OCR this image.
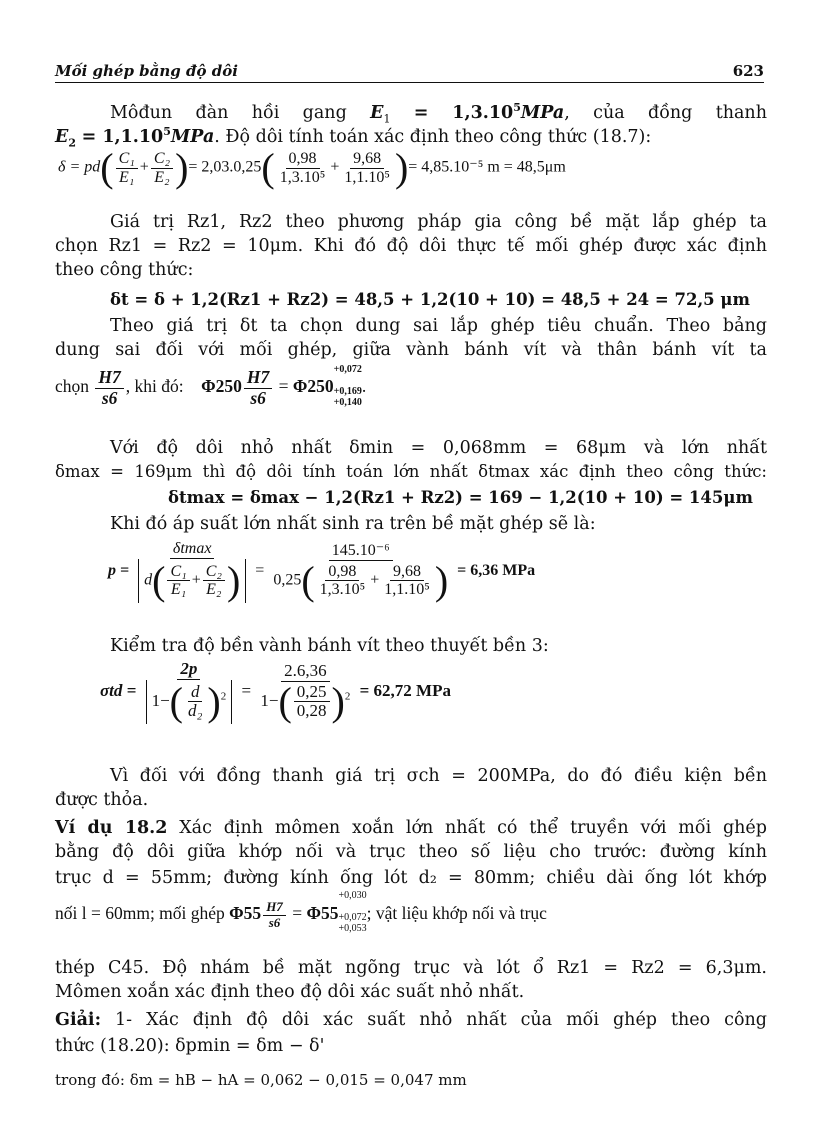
Mối ghép bằng độ dôi	623
Môđun đàn hồi gang $E_1 = 1,3.10^5MPa$, của đồng thanh
$E_2 = 1,1.10^5MPa$. Độ dôi tính toán xác định theo công thức (18.7):
$\delta = pd( \frac{\text{C₁}}{\text{E₁}} + \frac{\text{C₂}}{\text{E₂}}$ )= $2,03.0,25( \frac{0,98}{\text{1,3.10⁵}} + \frac{9,68}{\text{1,1.10⁵}}$ )= 4,85.10⁻⁵ m = 48,5μm
Giá trị Rz1, Rz2 theo phương pháp gia công bề mặt lắp ghép ta
chọn Rz1 = Rz2 = 10μm. Khi đó độ dôi thực tế mối ghép được xác định
theo công thức:
δt = δ + 1,2(Rz1 + Rz2) = 48,5 + 1,2(10 + 10) = 48,5 + 24 = 72,5 μm
Theo giá trị δt ta chọn dung sai lắp ghép tiêu chuẩn. Theo bảng
dung sai đối với mối ghép, giữa vành bánh vít và thân bánh vít ta
chọn $\frac{H7}{s6}$ , khi đó: $\Phi 250 \frac{H7}{s6} = \Phi 250$
+0,072

+0,169
+0,140
.
Với độ dôi nhỏ nhất δmin = 0,068mm = 68μm và lớn nhất
δmax = 169μm thì độ dôi tính toán lớn nhất δtmax xác định theo công thức:
δtmax = δmax − 1,2(Rz1 + Rz2) = 169 − 1,2(10 + 10) = 145μm
Khi đó áp suất lớn nhất sinh ra trên bề mặt ghép sẽ là:
p =
δtmax
$d( \frac{\text{C₁}}{\text{E₁}} + \frac{\text{C₂}}{\text{E₂}}$ ) = $\frac{\text{145.10⁻⁶}}{0,25( \frac{0,98}{\text{1,3.10⁵}} + \frac{9,68}{\text{1,1.10⁵}} )} = 6,36$ MPa
Kiểm tra độ bền vành bánh vít theo thuyết bền 3:
$\sigma td = \frac{2p}{1-( \frac{d}{\text{d₂}} )^2} = \frac{2.6,36}{1-( \frac{0,25}{0,28} )^2} = 62,72$ MPa
Vì đối với đồng thanh giá trị σch = 200MPa, do đó điều kiện bền
được thỏa.
Ví dụ 18.2 Xác định mômen xoắn lớn nhất có thể truyền với mối ghép
bằng độ dôi giữa khớp nối và trục theo số liệu cho trước: đường kính
trục d = 55mm; đường kính ống lót d₂ = 80mm; chiều dài ống lót khớp
nối l = 60mm; mối ghép $\Phi 55 \frac{H7}{s6} = \Phi 55$
+0,030

+0,072
+0,053
; vật liệu khớp nối và trục
thép C45. Độ nhám bề mặt ngõng trục và lót ổ Rz1 = Rz2 = 6,3μm.
Mômen xoắn xác định theo độ dôi xác suất nhỏ nhất.
Giải: 1- Xác định độ dôi xác suất nhỏ nhất của mối ghép theo công
thức (18.20): δpmin = δm − δ'
trong đó: δm = hB − hA = 0,062 − 0,015 = 0,047 mm
